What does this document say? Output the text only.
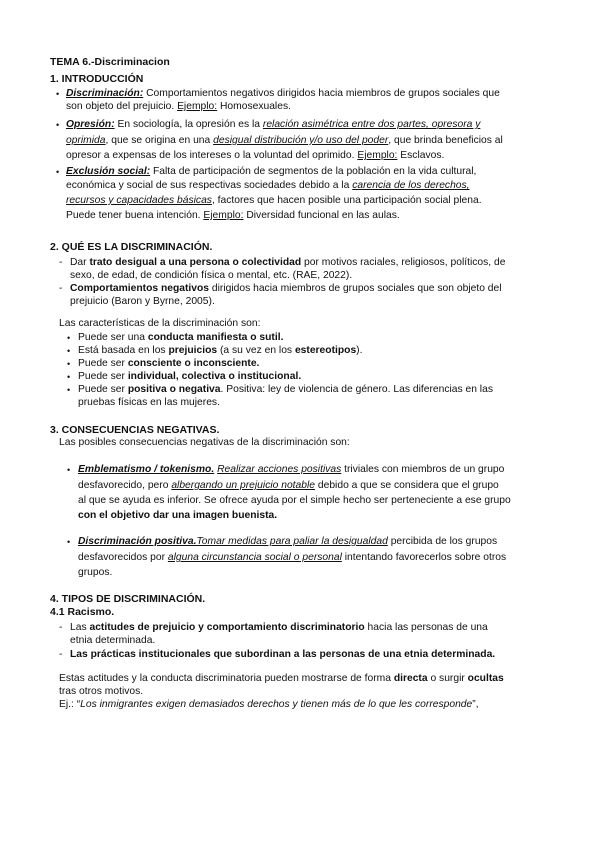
TEMA 6.-Discriminacion
1. INTRODUCCIÓN
• Discriminación: Comportamientos negativos dirigidos hacia miembros de grupos sociales que
son objeto del prejuicio. Ejemplo: Homosexuales.
• Opresión: En sociología, la opresión es la relación asimétrica entre dos partes, opresora y
oprimida, que se origina en una desigual distribución y/o uso del poder, que brinda beneficios al
opresor a expensas de los intereses o la voluntad del oprimido. Ejemplo: Esclavos.
• Exclusión social: Falta de participación de segmentos de la población en la vida cultural,
económica y social de sus respectivas sociedades debido a la carencia de los derechos,
recursos y capacidades básicas, factores que hacen posible una participación social plena.
Puede tener buena intención. Ejemplo: Diversidad funcional en las aulas.
2. QUÉ ES LA DISCRIMINACIÓN.
- Dar trato desigual a una persona o colectividad por motivos raciales, religiosos, políticos, de
sexo, de edad, de condición física o mental, etc. (RAE, 2022).
- Comportamientos negativos dirigidos hacia miembros de grupos sociales que son objeto del
prejuicio (Baron y Byrne, 2005).
Las características de la discriminación son:
• Puede ser una conducta manifiesta o sutil.
• Está basada en los prejuicios (a su vez en los estereotipos).
• Puede ser consciente o inconsciente.
• Puede ser individual, colectiva o institucional.
• Puede ser positiva o negativa. Positiva: ley de violencia de género. Las diferencias en las
pruebas físicas en las mujeres.
3. CONSECUENCIAS NEGATIVAS.
Las posibles consecuencias negativas de la discriminación son:
• Emblematismo / tokenismo. Realizar acciones positivas triviales con miembros de un grupo
desfavorecido, pero albergando un prejuicio notable debido a que se considera que el grupo
al que se ayuda es inferior. Se ofrece ayuda por el simple hecho ser perteneciente a ese grupo
con el objetivo dar una imagen buenista.
• Discriminación positiva.Tomar medidas para paliar la desigualdad percibida de los grupos
desfavorecidos por alguna circunstancia social o personal intentando favorecerlos sobre otros
grupos.
4. TIPOS DE DISCRIMINACIÓN.
4.1 Racismo.
- Las actitudes de prejuicio y comportamiento discriminatorio hacia las personas de una
etnia determinada.
- Las prácticas institucionales que subordinan a las personas de una etnia determinada.
Estas actitudes y la conducta discriminatoria pueden mostrarse de forma directa o surgir ocultas
tras otros motivos.
Ej.: “Los inmigrantes exigen demasiados derechos y tienen más de lo que les corresponde”,
